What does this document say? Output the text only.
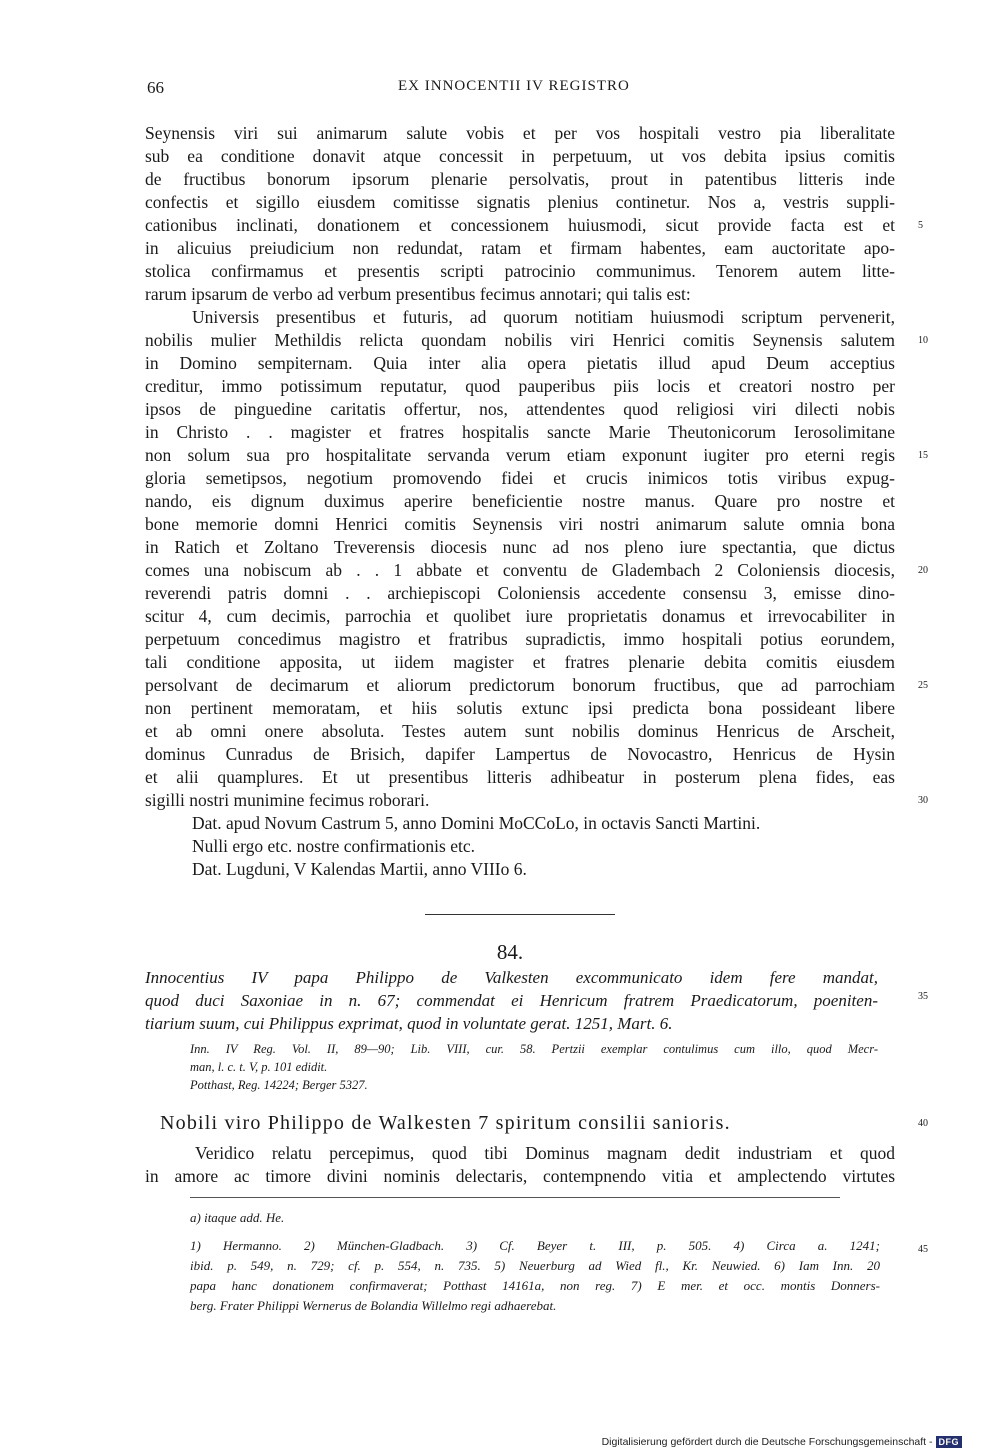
66	EX INNOCENTII IV REGISTRO
Seynensis viri sui animarum salute vobis et per vos hospitali vestro pia liberalitate
sub ea conditione donavit atque concessit in perpetuum, ut vos debita ipsius comitis
de fructibus bonorum ipsorum plenarie persolvatis, prout in patentibus litteris inde
confectis et sigillo eiusdem comitisse signatis plenius continetur. Nos a, vestris suppli-
cationibus inclinati, donationem et concessionem huiusmodi, sicut provide facta est et
in alicuius preiudicium non redundat, ratam et firmam habentes, eam auctoritate apo-
stolica confirmamus et presentis scripti patrocinio communimus. Tenorem autem litte-
rarum ipsarum de verbo ad verbum presentibus fecimus annotari; qui talis est:
Universis presentibus et futuris, ad quorum notitiam huiusmodi scriptum pervenerit,
nobilis mulier Methildis relicta quondam nobilis viri Henrici comitis Seynensis salutem
in Domino sempiternam. Quia inter alia opera pietatis illud apud Deum acceptius
creditur, immo potissimum reputatur, quod pauperibus piis locis et creatori nostro per
ipsos de pinguedine caritatis offertur, nos, attendentes quod religiosi viri dilecti nobis
in Christo . . magister et fratres hospitalis sancte Marie Theutonicorum Ierosolimitane
non solum sua pro hospitalitate servanda verum etiam exponunt iugiter pro eterni regis
gloria semetipsos, negotium promovendo fidei et crucis inimicos totis viribus expug-
nando, eis dignum duximus aperire beneficientie nostre manus. Quare pro nostre et
bone memorie domni Henrici comitis Seynensis viri nostri animarum salute omnia bona
in Ratich et Zoltano Treverensis diocesis nunc ad nos pleno iure spectantia, que dictus
comes una nobiscum ab . . 1 abbate et conventu de Gladembach 2 Coloniensis diocesis,
reverendi patris domni . . archiepiscopi Coloniensis accedente consensu 3, emisse dino-
scitur 4, cum decimis, parrochia et quolibet iure proprietatis donamus et irrevocabiliter in
perpetuum concedimus magistro et fratribus supradictis, immo hospitali potius eorundem,
tali conditione apposita, ut iidem magister et fratres plenarie debita comitis eiusdem
persolvant de decimarum et aliorum predictorum bonorum fructibus, que ad parrochiam
non pertinent memoratam, et hiis solutis extunc ipsi predicta bona possideant libere
et ab omni onere absoluta. Testes autem sunt nobilis dominus Henricus de Arscheit,
dominus Cunradus de Brisich, dapifer Lampertus de Novocastro, Henricus de Hysin
et alii quamplures. Et ut presentibus litteris adhibeatur in posterum plena fides, eas
sigilli nostri munimine fecimus roborari.
Dat. apud Novum Castrum 5, anno Domini MoCCoLo, in octavis Sancti Martini.
Nulli ergo etc. nostre confirmationis etc.
Dat. Lugduni, V Kalendas Martii, anno VIIIo 6.
5
10
15
20
25
30
35
40
45
84.
Innocentius IV papa Philippo de Valkesten excommunicato idem fere mandat,
quod duci Saxoniae in n. 67; commendat ei Henricum fratrem Praedicatorum, poeniten-
tiarium suum, cui Philippus exprimat, quod in voluntate gerat. 1251, Mart. 6.
Inn. IV Reg. Vol. II, 89—90; Lib. VIII, cur. 58. Pertzii exemplar contulimus cum illo, quod Mecr-
man, l. c. t. V, p. 101 edidit.
Potthast, Reg. 14224; Berger 5327.
Nobili viro Philippo de Walkesten 7 spiritum consilii sanioris.
Veridico relatu percepimus, quod tibi Dominus magnam dedit industriam et quod
in amore ac timore divini nominis delectaris, contempnendo vitia et amplectendo virtutes
a) itaque add. He.
1) Hermanno. 2) München-Gladbach. 3) Cf. Beyer t. III, p. 505. 4) Circa a. 1241;
ibid. p. 549, n. 729; cf. p. 554, n. 735. 5) Neuerburg ad Wied fl., Kr. Neuwied. 6) Iam Inn. 20
papa hanc donationem confirmaverat; Potthast 14161a, non reg. 7) E mer. et occ. montis Donners-
berg. Frater Philippi Wernerus de Bolandia Willelmo regi adhaerebat.
Digitalisierung gefördert durch die Deutsche Forschungsgemeinschaft - DFG
